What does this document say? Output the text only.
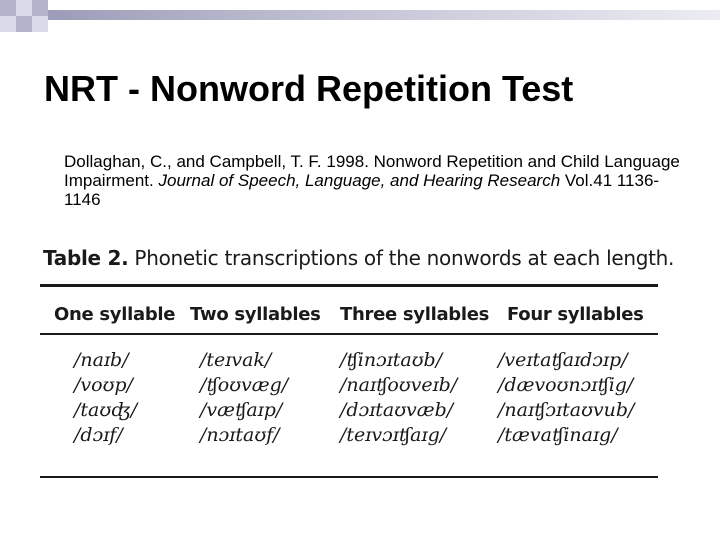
NRT - Nonword Repetition Test
Dollaghan, C., and Campbell, T. F. 1998. Nonword Repetition and Child Language Impairment. Journal of Speech, Language, and Hearing Research Vol.41 1136-1146
Table 2. Phonetic transcriptions of the nonwords at each length.
One syllable Two syllables Three syllables Four syllables
/naɪb/
/voʊp/
/taʊʤ/
/dɔɪf/
/teɪvak/
/ʧoʊvæg/
/væʧaɪp/
/nɔɪtaʊf/
/ʧinɔɪtaʊb/
/naɪʧoʊveɪb/
/dɔɪtaʊvæb/
/teɪvɔɪʧaɪg/
/veɪtaʧaɪdɔɪp/
/dævoʊnɔɪʧig/
/naɪʧɔɪtaʊvub/
/tævaʧinaɪg/
